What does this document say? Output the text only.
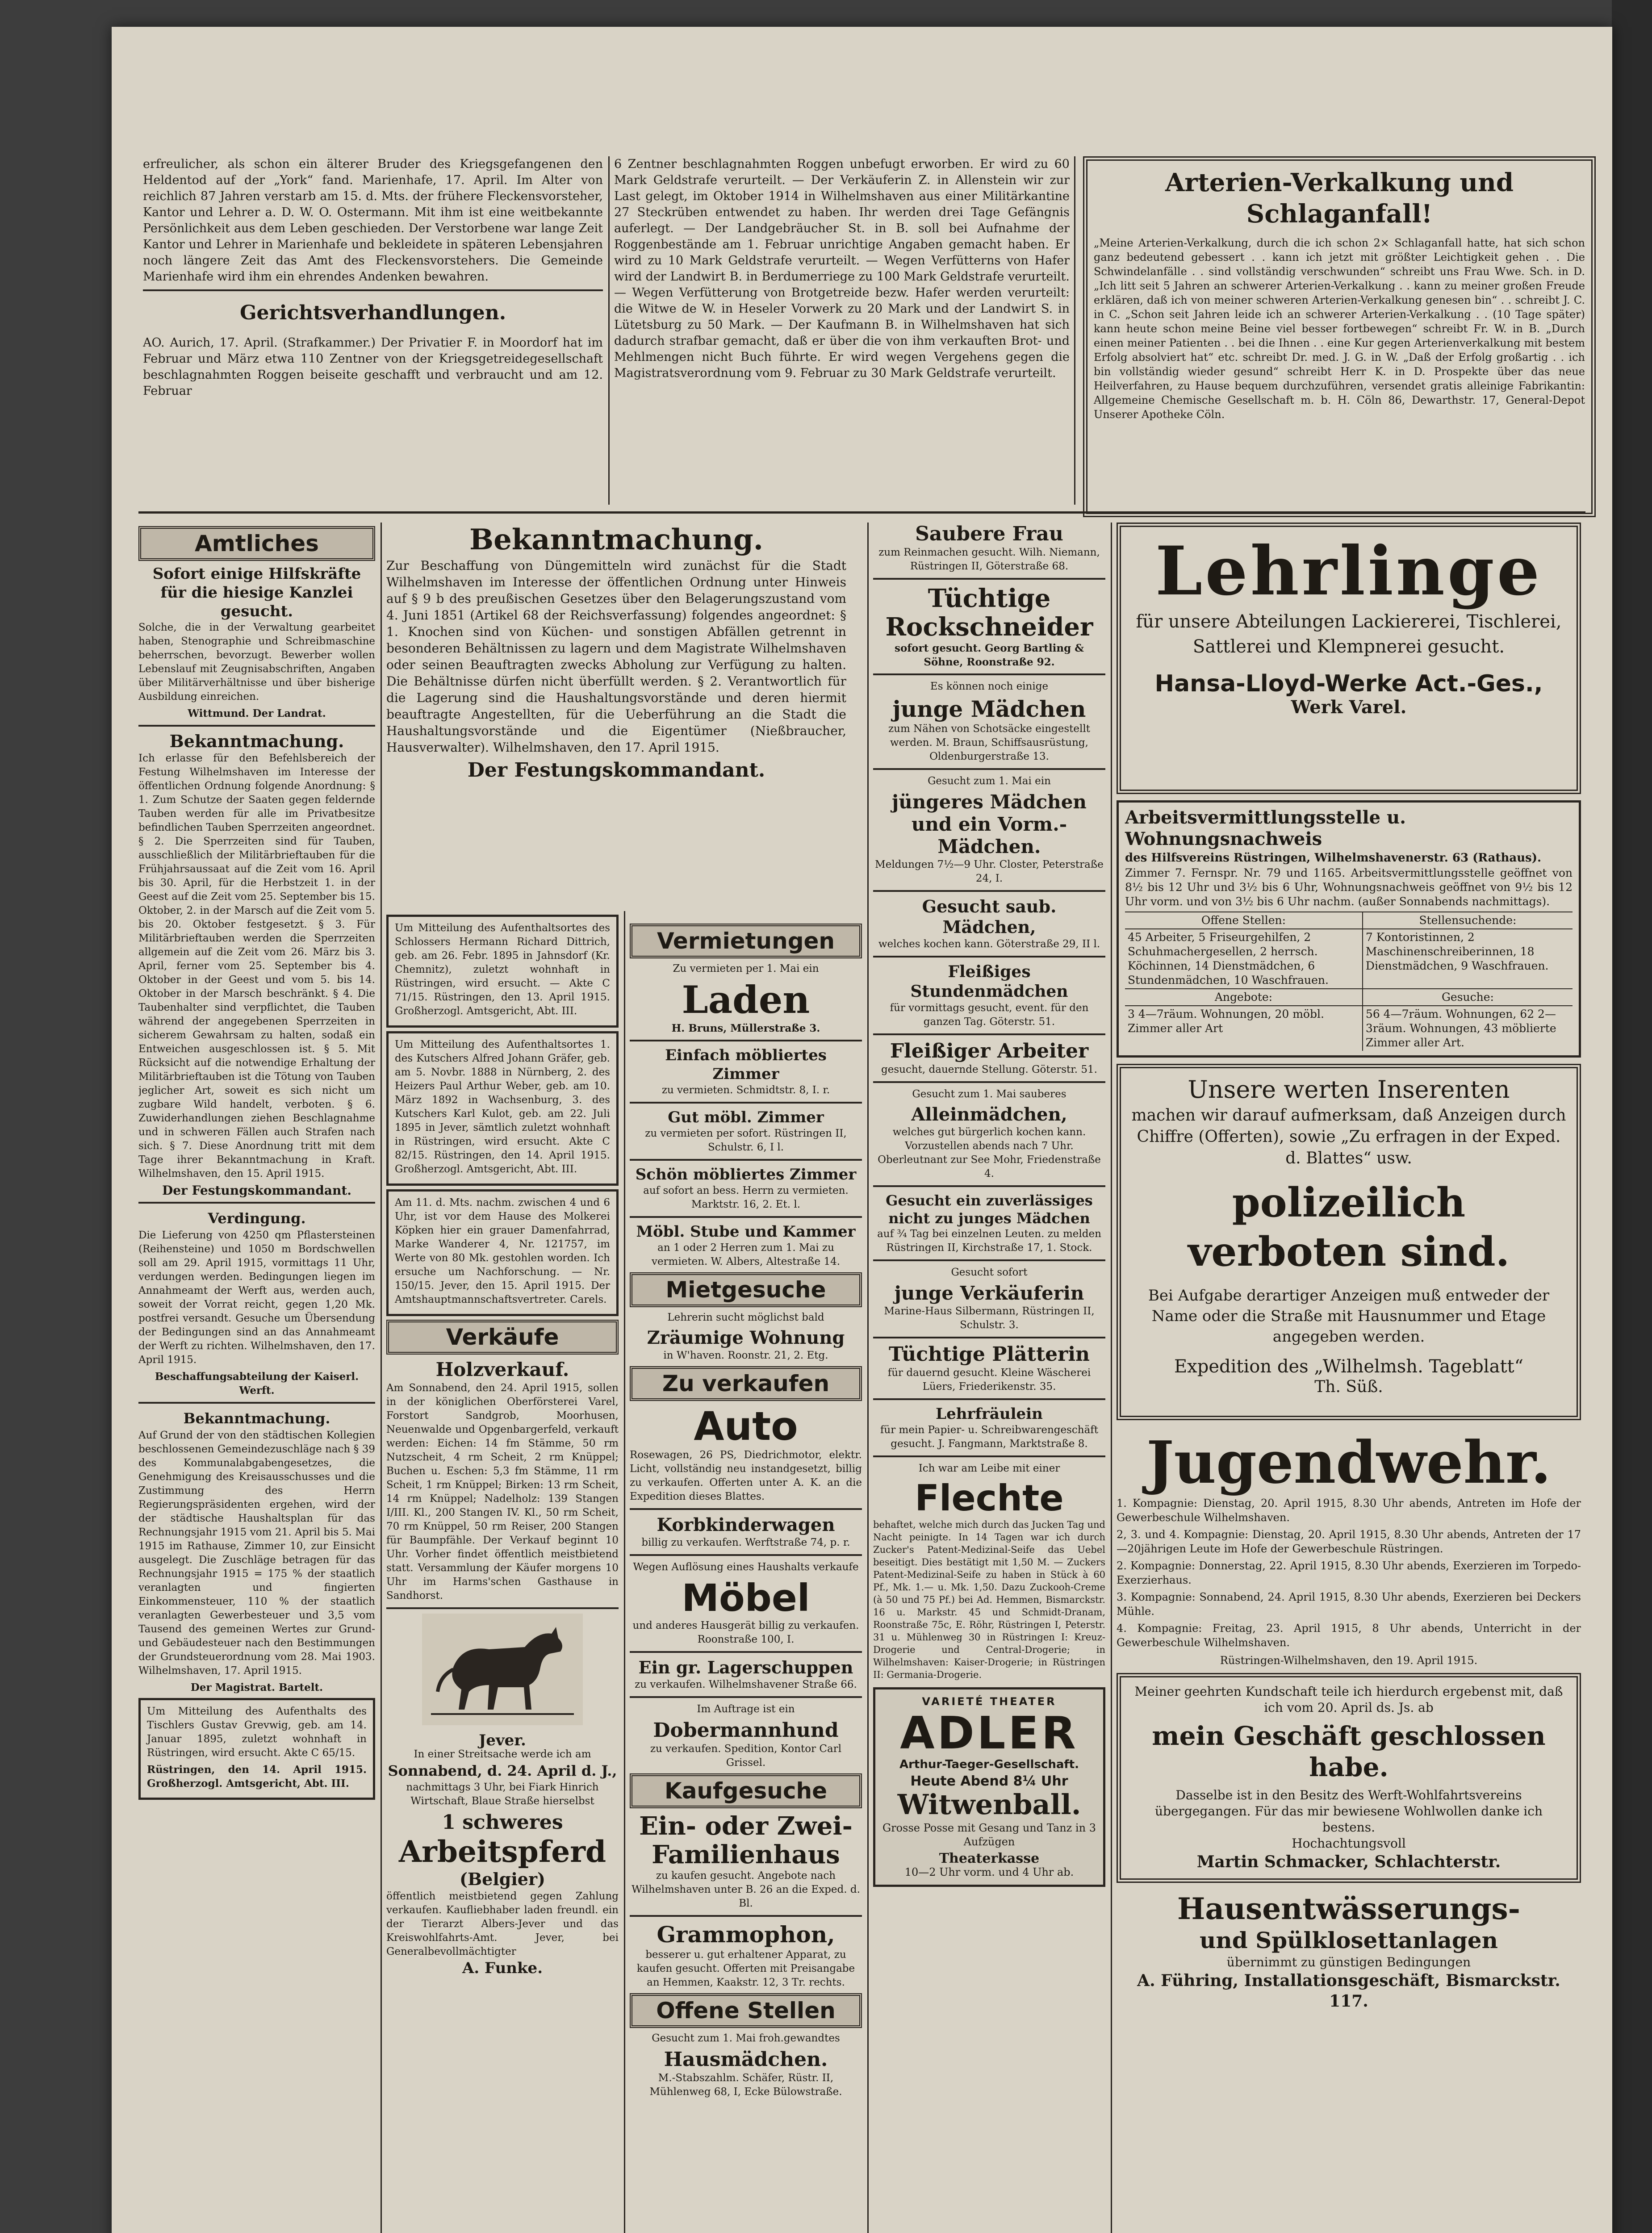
erfreulicher, als schon ein älterer Bruder des Kriegsgefangenen den Heldentod auf der „York“ fand. Marienhafe, 17. April. Im Alter von reichlich 87 Jahren verstarb am 15. d. Mts. der frühere Fleckensvorsteher, Kantor und Lehrer a. D. W. O. Ostermann. Mit ihm ist eine weitbekannte Persönlichkeit aus dem Leben geschieden. Der Verstorbene war lange Zeit Kantor und Lehrer in Marienhafe und bekleidete in späteren Lebensjahren noch längere Zeit das Amt des Fleckensvorstehers. Die Gemeinde Marienhafe wird ihm ein ehrendes Andenken bewahren.

Gerichtsverhandlungen.

AO. Aurich, 17. April. (Strafkammer.) Der Privatier F. in Moordorf hat im Februar und März etwa 110 Zentner von der Kriegsgetreidegesellschaft beschlagnahmten Roggen beiseite geschafft und verbraucht und am 12. Februar

6 Zentner beschlagnahmten Roggen unbefugt erworben. Er wird zu 60 Mark Geldstrafe verurteilt. — Der Verkäuferin Z. in Allenstein wir zur Last gelegt, im Oktober 1914 in Wilhelmshaven aus einer Militärkantine 27 Steckrüben entwendet zu haben. Ihr werden drei Tage Gefängnis auferlegt. — Der Landgebräucher St. in B. soll bei Aufnahme der Roggenbestände am 1. Februar unrichtige Angaben gemacht haben. Er wird zu 10 Mark Geldstrafe verurteilt. — Wegen Verfütterns von Hafer wird der Landwirt B. in Berdumerriege zu 100 Mark Geldstrafe verurteilt. — Wegen Verfütterung von Brotgetreide bezw. Hafer werden verurteilt: die Witwe de W. in Heseler Vorwerk zu 20 Mark und der Landwirt S. in Lütetsburg zu 50 Mark. — Der Kaufmann B. in Wilhelmshaven hat sich dadurch strafbar gemacht, daß er über die von ihm verkauften Brot- und Mehlmengen nicht Buch führte. Er wird wegen Vergehens gegen die Magistratsverordnung vom 9. Februar zu 30 Mark Geldstrafe verurteilt.

Arterien-Verkalkung und Schlaganfall!

„Meine Arterien-Verkalkung, durch die ich schon 2× Schlaganfall hatte, hat sich schon ganz bedeutend gebessert . . kann ich jetzt mit größter Leichtigkeit gehen . . Die Schwindelanfälle . . sind vollständig verschwunden“ schreibt uns Frau Wwe. Sch. in D. „Ich litt seit 5 Jahren an schwerer Arterien-Verkalkung . . kann zu meiner großen Freude erklären, daß ich von meiner schweren Arterien-Verkalkung genesen bin“ . . schreibt J. C. in C. „Schon seit Jahren leide ich an schwerer Arterien-Verkalkung . . (10 Tage später) kann heute schon meine Beine viel besser fortbewegen“ schreibt Fr. W. in B. „Durch einen meiner Patienten . . bei die Ihnen . . eine Kur gegen Arterienverkalkung mit bestem Erfolg absolviert hat“ etc. schreibt Dr. med. J. G. in W. „Daß der Erfolg großartig . . ich bin vollständig wieder gesund“ schreibt Herr K. in D. Prospekte über das neue Heilverfahren, zu Hause bequem durchzuführen, versendet gratis alleinige Fabrikantin: Allgemeine Chemische Gesellschaft m. b. H. Cöln 86, Dewarthstr. 17, General-Depot Unserer Apotheke Cöln.

Amtliches
Sofort einige Hilfskräfte für die hiesige Kanzlei gesucht.

Solche, die in der Verwaltung gearbeitet haben, Stenographie und Schreibmaschine beherrschen, bevorzugt. Bewerber wollen Lebenslauf mit Zeugnisabschriften, Angaben über Militärverhältnisse und über bisherige Ausbildung einreichen.

Wittmund. Der Landrat.

Bekanntmachung.

Ich erlasse für den Befehlsbereich der Festung Wilhelmshaven im Interesse der öffentlichen Ordnung folgende Anordnung: § 1. Zum Schutze der Saaten gegen feldernde Tauben werden für alle im Privatbesitze befindlichen Tauben Sperrzeiten angeordnet. § 2. Die Sperrzeiten sind für Tauben, ausschließlich der Militärbrieftauben für die Frühjahrsaussaat auf die Zeit vom 16. April bis 30. April, für die Herbstzeit 1. in der Geest auf die Zeit vom 25. September bis 15. Oktober, 2. in der Marsch auf die Zeit vom 5. bis 20. Oktober festgesetzt. § 3. Für Militärbrieftauben werden die Sperrzeiten allgemein auf die Zeit vom 26. März bis 3. April, ferner vom 25. September bis 4. Oktober in der Geest und vom 5. bis 14. Oktober in der Marsch beschränkt. § 4. Die Taubenhalter sind verpflichtet, die Tauben während der angegebenen Sperrzeiten in sicherem Gewahrsam zu halten, sodaß ein Entweichen ausgeschlossen ist. § 5. Mit Rücksicht auf die notwendige Erhaltung der Militärbrieftauben ist die Tötung von Tauben jeglicher Art, soweit es sich nicht um zugbare Wild handelt, verboten. § 6. Zuwiderhandlungen ziehen Beschlagnahme und in schweren Fällen auch Strafen nach sich. § 7. Diese Anordnung tritt mit dem Tage ihrer Bekanntmachung in Kraft. Wilhelmshaven, den 15. April 1915.

Der Festungskommandant.

Verdingung.

Die Lieferung von 4250 qm Pflastersteinen (Reihensteine) und 1050 m Bordschwellen soll am 29. April 1915, vormittags 11 Uhr, verdungen werden. Bedingungen liegen im Annahmeamt der Werft aus, werden auch, soweit der Vorrat reicht, gegen 1,20 Mk. postfrei versandt. Gesuche um Übersendung der Bedingungen sind an das Annahmeamt der Werft zu richten. Wilhelmshaven, den 17. April 1915.

Beschaffungsabteilung der Kaiserl. Werft.

Bekanntmachung.

Auf Grund der von den städtischen Kollegien beschlossenen Gemeindezuschläge nach § 39 des Kommunalabgabengesetzes, die Genehmigung des Kreisausschusses und die Zustimmung des Herrn Regierungspräsidenten ergehen, wird der der städtische Haushaltsplan für das Rechnungsjahr 1915 vom 21. April bis 5. Mai 1915 im Rathause, Zimmer 10, zur Einsicht ausgelegt. Die Zuschläge betragen für das Rechnungsjahr 1915 = 175 % der staatlich veranlagten und fingierten Einkommensteuer, 110 % der staatlich veranlagten Gewerbesteuer und 3,5 vom Tausend des gemeinen Wertes zur Grund- und Gebäudesteuer nach den Bestimmungen der Grundsteuerordnung vom 28. Mai 1903. Wilhelmshaven, 17. April 1915.

Der Magistrat. Bartelt.

Um Mitteilung des Aufenthalts des Tischlers Gustav Grevwig, geb. am 14. Januar 1895, zuletzt wohnhaft in Rüstringen, wird ersucht. Akte C 65/15.

Rüstringen, den 14. April 1915. Großherzogl. Amtsgericht, Abt. III.

Bekanntmachung.

Zur Beschaffung von Düngemitteln wird zunächst für die Stadt Wilhelmshaven im Interesse der öffentlichen Ordnung unter Hinweis auf § 9 b des preußischen Gesetzes über den Belagerungszustand vom 4. Juni 1851 (Artikel 68 der Reichsverfassung) folgendes angeordnet: § 1. Knochen sind von Küchen- und sonstigen Abfällen getrennt in besonderen Behältnissen zu lagern und dem Magistrate Wilhelmshaven oder seinen Beauftragten zwecks Abholung zur Verfügung zu halten. Die Behältnisse dürfen nicht überfüllt werden. § 2. Verantwortlich für die Lagerung sind die Haushaltungsvorstände und deren hiermit beauftragte Angestellten, für die Ueberführung an die Stadt die Haushaltungsvorstände und die Eigentümer (Nießbraucher, Hausverwalter). Wilhelmshaven, den 17. April 1915.

Der Festungskommandant.

Um Mitteilung des Aufenthaltsortes des Schlossers Hermann Richard Dittrich, geb. am 26. Febr. 1895 in Jahnsdorf (Kr. Chemnitz), zuletzt wohnhaft in Rüstringen, wird ersucht. — Akte C 71/15. Rüstringen, den 13. April 1915. Großherzogl. Amtsgericht, Abt. III.

Um Mitteilung des Aufenthaltsortes 1. des Kutschers Alfred Johann Gräfer, geb. am 5. Novbr. 1888 in Nürnberg, 2. des Heizers Paul Arthur Weber, geb. am 10. März 1892 in Wachsenburg, 3. des Kutschers Karl Kulot, geb. am 22. Juli 1895 in Jever, sämtlich zuletzt wohnhaft in Rüstringen, wird ersucht. Akte C 82/15. Rüstringen, den 14. April 1915. Großherzogl. Amtsgericht, Abt. III.

Am 11. d. Mts. nachm. zwischen 4 und 6 Uhr, ist vor dem Hause des Molkerei Köpken hier ein grauer Damenfahrrad, Marke Wanderer 4, Nr. 121757, im Werte von 80 Mk. gestohlen worden. Ich ersuche um Nachforschung. — Nr. 150/15. Jever, den 15. April 1915. Der Amtshauptmannschaftsvertreter. Carels.

Verkäufe
Holzverkauf.

Am Sonnabend, den 24. April 1915, sollen in der königlichen Oberförsterei Varel, Forstort Sandgrob, Moorhusen, Neuenwalde und Opgenbargerfeld, verkauft werden: Eichen: 14 fm Stämme, 50 rm Nutzscheit, 4 rm Scheit, 2 rm Knüppel; Buchen u. Eschen: 5,3 fm Stämme, 11 rm Scheit, 1 rm Knüppel; Birken: 13 rm Scheit, 14 rm Knüppel; Nadelholz: 139 Stangen I/III. Kl., 200 Stangen IV. Kl., 50 rm Scheit, 70 rm Knüppel, 50 rm Reiser, 200 Stangen für Baumpfähle. Der Verkauf beginnt 10 Uhr. Vorher findet öffentlich meistbietend statt. Versammlung der Käufer morgens 10 Uhr im Harms'schen Gasthause in Sandhorst.

Jever.

In einer Streitsache werde ich am

Sonnabend, d. 24. April d. J.,

nachmittags 3 Uhr, bei Fiark Hinrich Wirtschaft, Blaue Straße hierselbst

1 schweres
Arbeitspferd
(Belgier)

öffentlich meistbietend gegen Zahlung verkaufen. Kaufliebhaber laden freundl. ein der Tierarzt Albers-Jever und das Kreiswohlfahrts-Amt. Jever, bei Generalbevollmächtigter

A. Funke.

Vermietungen

Zu vermieten per 1. Mai ein

Laden

H. Bruns, Müllerstraße 3.

Einfach möbliertes Zimmer

zu vermieten. Schmidtstr. 8, I. r.

Gut möbl. Zimmer

zu vermieten per sofort. Rüstringen II, Schulstr. 6, I l.

Schön möbliertes Zimmer

auf sofort an bess. Herrn zu vermieten. Marktstr. 16, 2. Et. l.

Möbl. Stube und Kammer

an 1 oder 2 Herren zum 1. Mai zu vermieten. W. Albers, Altestraße 14.

Mietgesuche

Lehrerin sucht möglichst bald

Zräumige Wohnung

in W'haven. Roonstr. 21, 2. Etg.

Zu verkaufen
Auto

Rosewagen, 26 PS, Diedrichmotor, elektr. Licht, vollständig neu instandgesetzt, billig zu verkaufen. Offerten unter A. K. an die Expedition dieses Blattes.

Korbkinderwagen

billig zu verkaufen. Werftstraße 74, p. r.

Wegen Auflösung eines Haushalts verkaufe

Möbel

und anderes Hausgerät billig zu verkaufen. Roonstraße 100, I.

Ein gr. Lagerschuppen

zu verkaufen. Wilhelmshavener Straße 66.

Im Auftrage ist ein

Dobermannhund

zu verkaufen. Spedition, Kontor Carl Grissel.

Kaufgesuche
Ein- oder Zwei-Familienhaus

zu kaufen gesucht. Angebote nach Wilhelmshaven unter B. 26 an die Exped. d. Bl.

Grammophon,

besserer u. gut erhaltener Apparat, zu kaufen gesucht. Offerten mit Preisangabe an Hemmen, Kaakstr. 12, 3 Tr. rechts.

Offene Stellen

Gesucht zum 1. Mai froh.gewandtes

Hausmädchen.

M.-Stabszahlm. Schäfer, Rüstr. II, Mühlenweg 68, I, Ecke Bülowstraße.

Saubere Frau

zum Reinmachen gesucht. Wilh. Niemann, Rüstringen II, Göterstraße 68.

Tüchtige Rockschneider

sofort gesucht. Georg Bartling & Söhne, Roonstraße 92.

Es können noch einige

junge Mädchen

zum Nähen von Schotsäcke eingestellt werden. M. Braun, Schiffsausrüstung, Oldenburgerstraße 13.

Gesucht zum 1. Mai ein

jüngeres Mädchen und ein Vorm.-Mädchen.

Meldungen 7½—9 Uhr. Closter, Peterstraße 24, I.

Gesucht saub. Mädchen,

welches kochen kann. Göterstraße 29, II l.

Fleißiges Stundenmädchen

für vormittags gesucht, event. für den ganzen Tag. Göterstr. 51.

Fleißiger Arbeiter

gesucht, dauernde Stellung. Göterstr. 51.

Gesucht zum 1. Mai sauberes

Alleinmädchen,

welches gut bürgerlich kochen kann. Vorzustellen abends nach 7 Uhr. Oberleutnant zur See Mohr, Friedenstraße 4.

Gesucht ein zuverlässiges nicht zu junges Mädchen

auf ¾ Tag bei einzelnen Leuten. zu melden Rüstringen II, Kirchstraße 17, 1. Stock.

Gesucht sofort

junge Verkäuferin

Marine-Haus Silbermann, Rüstringen II, Schulstr. 3.

Tüchtige Plätterin

für dauernd gesucht. Kleine Wäscherei Lüers, Friederikenstr. 35.

Lehrfräulein

für mein Papier- u. Schreibwarengeschäft gesucht. J. Fangmann, Marktstraße 8.

Ich war am Leibe mit einer

Flechte

behaftet, welche mich durch das Jucken Tag und Nacht peinigte. In 14 Tagen war ich durch Zucker's Patent-Medizinal-Seife das Uebel beseitigt. Dies bestätigt mit 1,50 M. — Zuckers Patent-Medizinal-Seife zu haben in Stück à 60 Pf., Mk. 1.— u. Mk. 1,50. Dazu Zuckooh-Creme (à 50 und 75 Pf.) bei Ad. Hemmen, Bismarckstr. 16 u. Markstr. 45 und Schmidt-Dranam, Roonstraße 75c, E. Röhr, Rüstringen I, Peterstr. 31 u. Mühlenweg 30 in Rüstringen I: Kreuz-Drogerie und Central-Drogerie; in Wilhelmshaven: Kaiser-Drogerie; in Rüstringen II: Germania-Drogerie.

VARIETÉ THEATER
ADLER
Arthur-Taeger-Gesellschaft.
Heute Abend 8¼ Uhr
Witwenball.
Grosse Posse mit Gesang und Tanz in 3 Aufzügen
Theaterkasse
10—2 Uhr vorm. und 4 Uhr ab.
Lehrlinge
für unsere Abteilungen Lackiererei, Tischlerei, Sattlerei und Klempnerei gesucht.
Hansa-Lloyd-Werke Act.-Ges.,
Werk Varel.
Arbeitsvermittlungsstelle u. Wohnungsnachweis
des Hilfsvereins Rüstringen, Wilhelmshavenerstr. 63 (Rathaus).

Zimmer 7. Fernspr. Nr. 79 und 1165. Arbeitsvermittlungsstelle geöffnet von 8½ bis 12 Uhr und 3½ bis 6 Uhr, Wohnungsnachweis geöffnet von 9½ bis 12 Uhr vorm. und von 3½ bis 6 Uhr nachm. (außer Sonnabends nachmittags).

Offene Stellen:	Stellensuchende:
45 Arbeiter, 5 Friseurgehilfen, 2 Schuhmachergesellen, 2 herrsch. Köchinnen, 14 Dienstmädchen, 6 Stundenmädchen, 10 Waschfrauen.	7 Kontoristinnen, 2 Maschinenschreiberinnen, 18 Dienstmädchen, 9 Waschfrauen.
Angebote:	Gesuche:
3 4—7räum. Wohnungen, 20 möbl. Zimmer aller Art	56 4—7räum. Wohnungen, 62 2—3räum. Wohnungen, 43 möblierte Zimmer aller Art.
Unsere werten Inserenten
machen wir darauf aufmerksam, daß Anzeigen durch Chiffre (Offerten), sowie „Zu erfragen in der Exped. d. Blattes“ usw.
polizeilich verboten sind.
Bei Aufgabe derartiger Anzeigen muß entweder der Name oder die Straße mit Hausnummer und Etage angegeben werden.
Expedition des „Wilhelmsh. Tageblatt“
Th. Süß.
Jugendwehr.

1. Kompagnie: Dienstag, 20. April 1915, 8.30 Uhr abends, Antreten im Hofe der Gewerbeschule Wilhelmshaven.

2, 3. und 4. Kompagnie: Dienstag, 20. April 1915, 8.30 Uhr abends, Antreten der 17—20jährigen Leute im Hofe der Gewerbeschule Rüstringen.

2. Kompagnie: Donnerstag, 22. April 1915, 8.30 Uhr abends, Exerzieren im Torpedo-Exerzierhaus.

3. Kompagnie: Sonnabend, 24. April 1915, 8.30 Uhr abends, Exerzieren bei Deckers Mühle.

4. Kompagnie: Freitag, 23. April 1915, 8 Uhr abends, Unterricht in der Gewerbeschule Wilhelmshaven.

Rüstringen-Wilhelmshaven, den 19. April 1915.

Meiner geehrten Kundschaft teile ich hierdurch ergebenst mit, daß ich vom 20. April ds. Js. ab
mein Geschäft geschlossen habe.
Dasselbe ist in den Besitz des Werft-Wohlfahrtsvereins übergegangen. Für das mir bewiesene Wohlwollen danke ich bestens.
Hochachtungsvoll
Martin Schmacker, Schlachterstr.
Hausentwässerungs-
und Spülklosettanlagen
übernimmt zu günstigen Bedingungen
A. Führing, Installationsgeschäft, Bismarckstr. 117.
